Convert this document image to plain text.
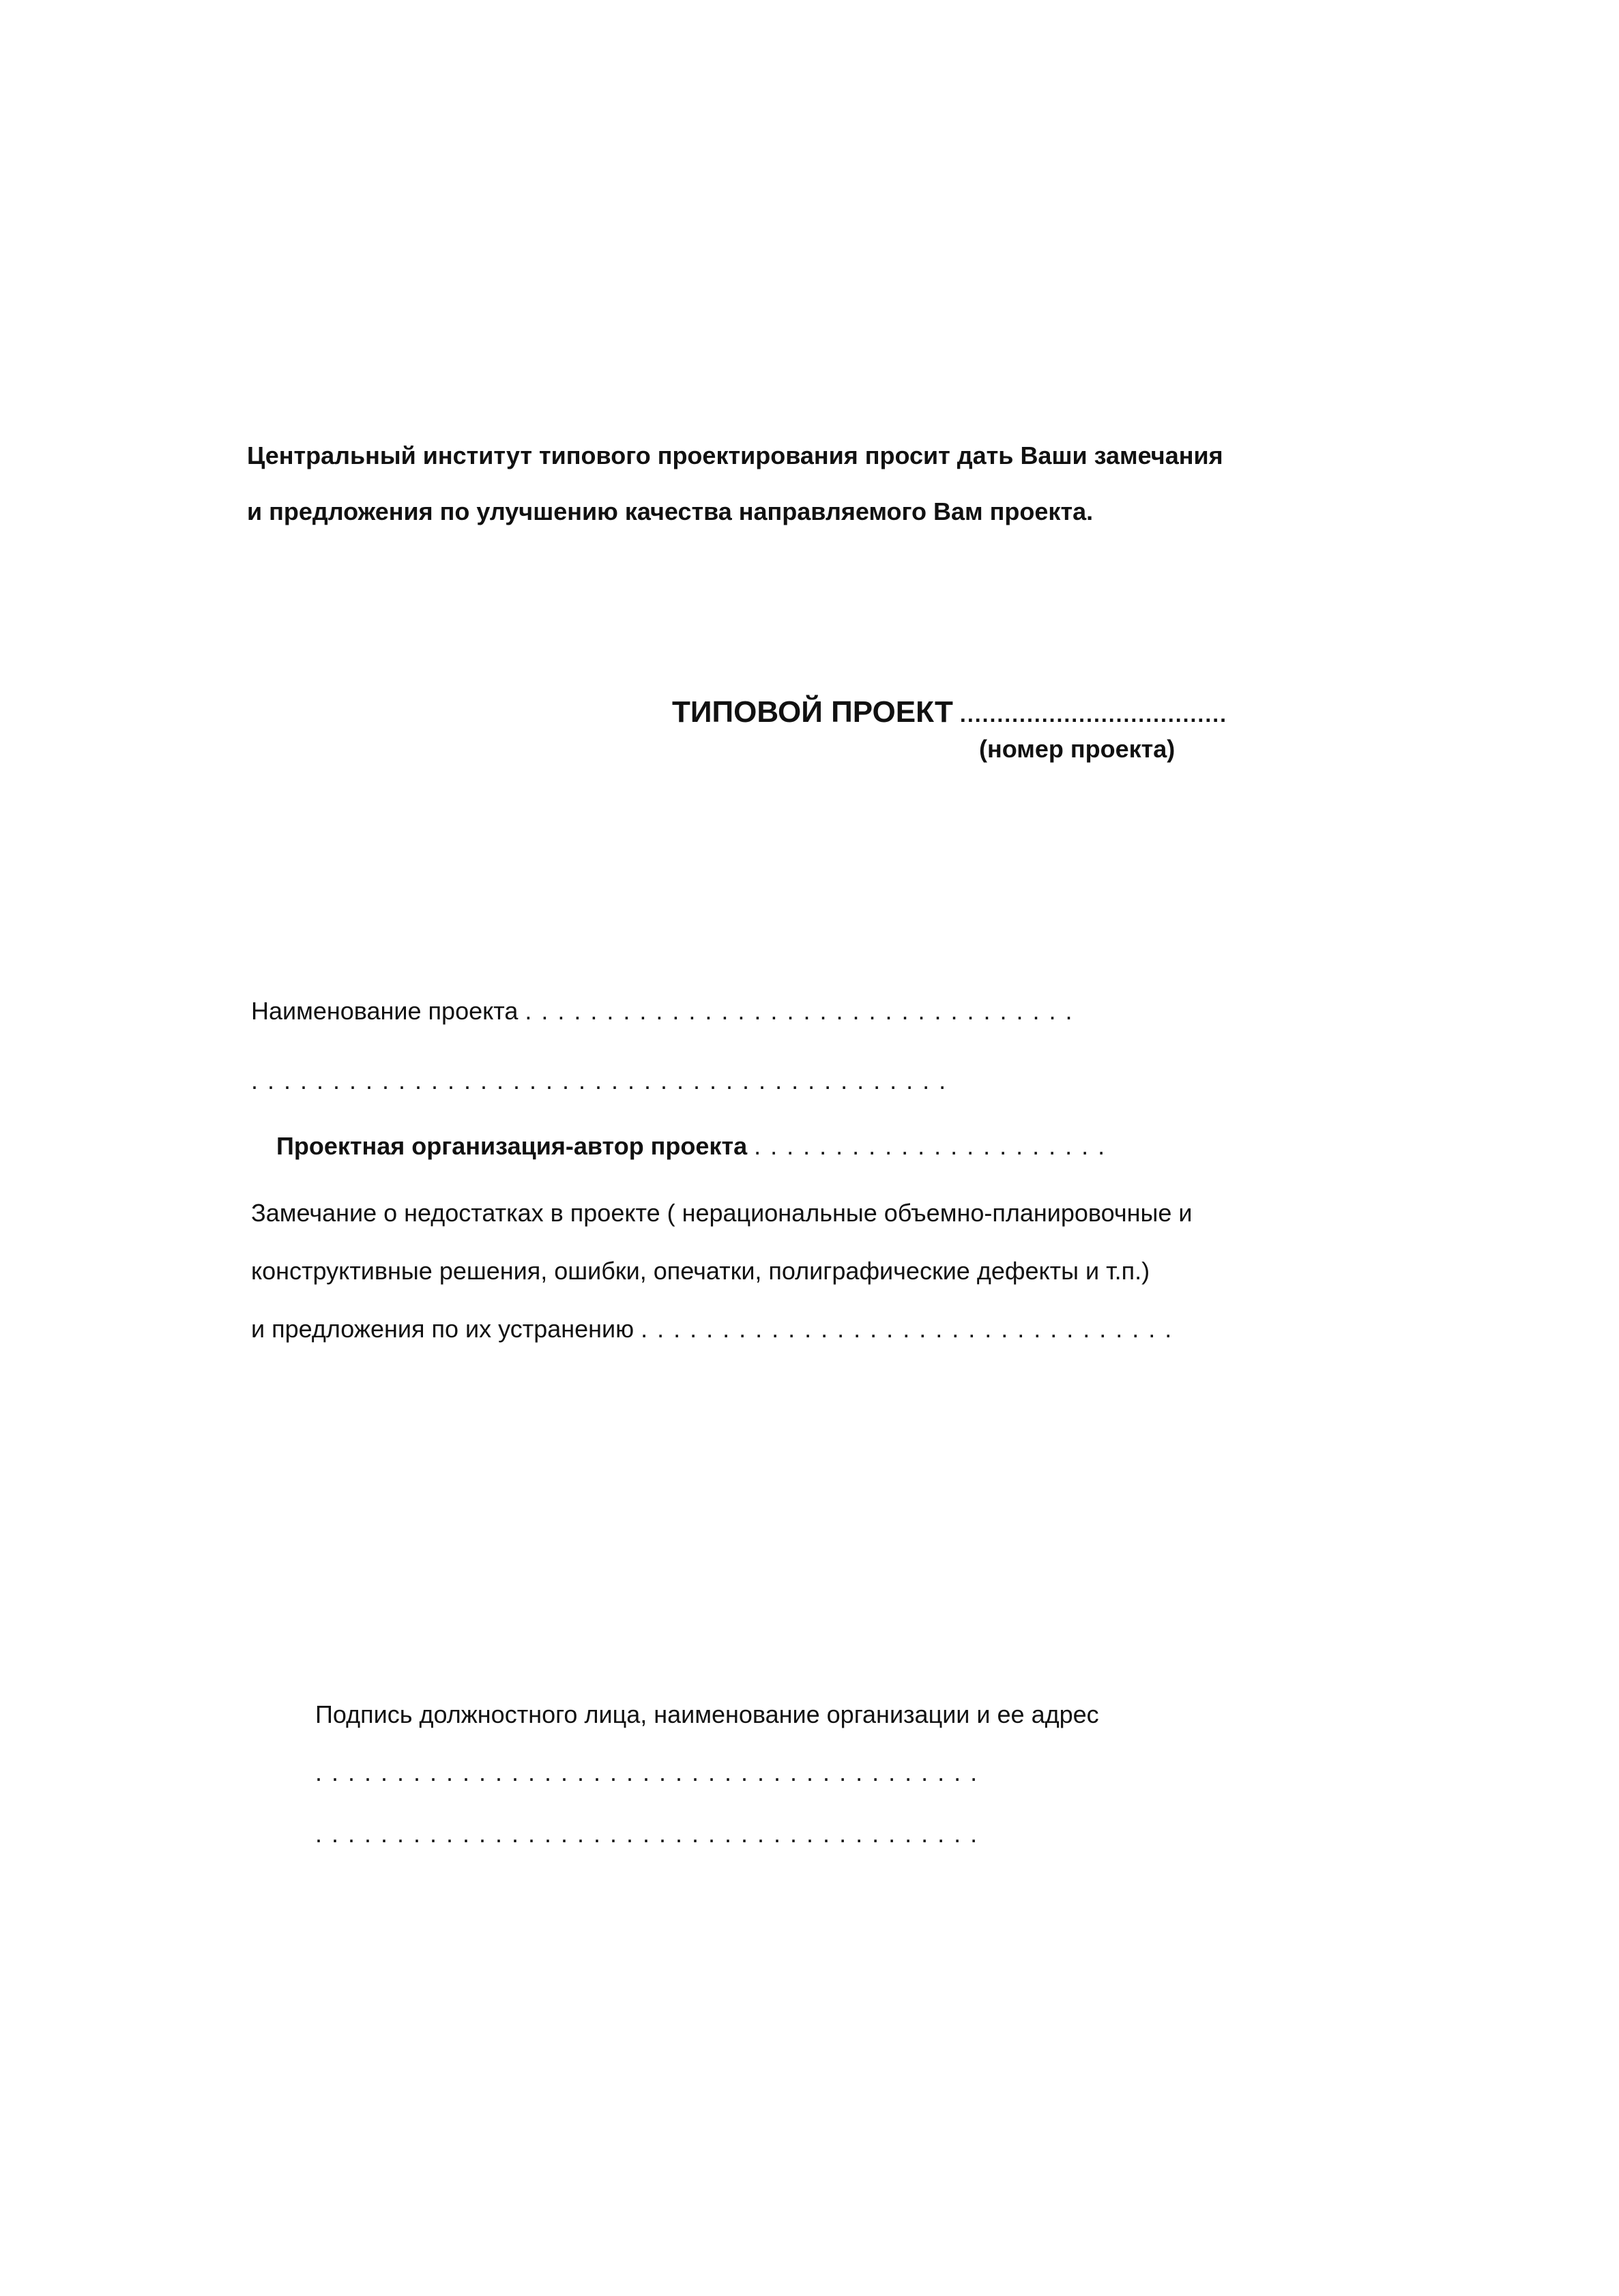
Центральный институт типового проектирования просит дать Ваши замечания
и предложения по улучшению качества направляемого Вам проекта.
ТИПОВОЙ ПРОЕКТ ....................................
(номер проекта)
Наименование проекта ..................................
...........................................
Проектная организация-автор проекта ......................
Замечание о недостатках в проекте ( нерациональные объемно-планировочные и
конструктивные решения, ошибки, опечатки, полиграфические дефекты и т.п.)
и предложения по их устранению .................................
Подпись должностного лица, наименование организации и ее адрес
.........................................
.........................................
